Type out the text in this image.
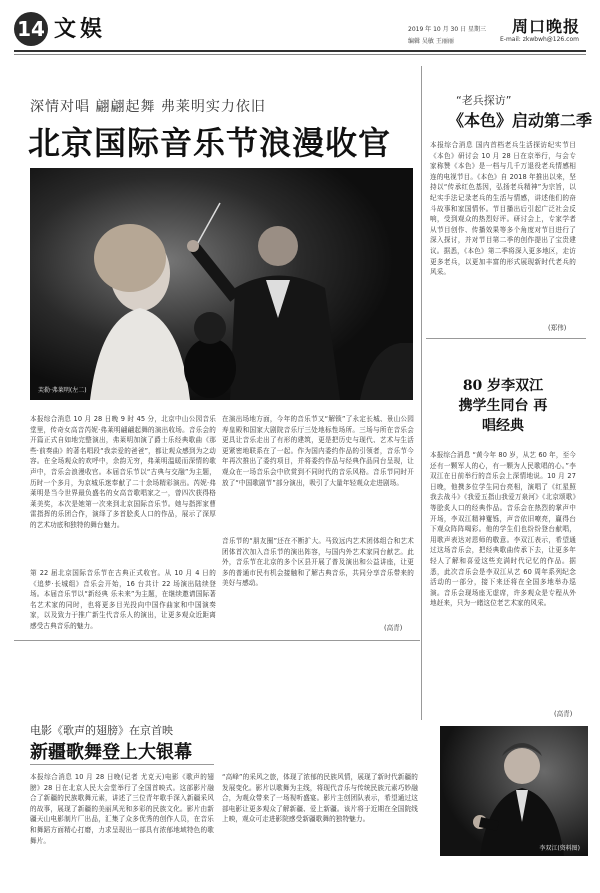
14 文娱	2019 年 10 月 30 日 星期三
编辑 吴敏 王丽丽
周口晚报
E-mail: zkwbwh@126.com
深情对唱 翩翩起舞 弗莱明实力依旧
北京国际音乐节浪漫收官
芙勒·弗莱明(左二)
本报综合消息 10 月 28 日晚 9 时 45 分，北京中山公园音乐堂里，传奇女高音芮妮·弗莱明翩翩起舞的演出收场。音乐会的开篇正式自如地完整演出，弗莱明加演了爵士乐经典歌曲《那些·前奏曲》的著名唱段“我亲爱的爸爸”，都让观众感到为之动容。在全场观众的欢呼中，余韵无穷，弗莱明温暖而深情的歌声中，音乐会浪漫收官。本届音乐节以“古典与交融”为主题，历时一个多月，为京城乐迷奉献了二十余场精彩演出。芮妮·弗莱明是当今世界最负盛名的女高音歌唱家之一，曾四次获得格莱美奖，本次是她第一次来到北京国际音乐节。她与指挥家曹雷指挥的乐团合作，演绎了多首脍炙人口的作品，展示了深厚的艺术功底和独特的舞台魅力。
第 22 届北京国际音乐节在古典正式收官。从 10 月 4 日的《追梦·长城组》音乐会开始，16 台共计 22 场演出陆续登场。本届音乐节以“新经典 乐未来”为主题，在继续邀请国际著名艺术家的同时，也将更多目光投向中国作曲家和中国演奏家，以及致力于推广新生代音乐人的演出，让更多观众近距离感受古典音乐的魅力。
在演出场地方面，今年的音乐节又“解锁”了永定长城、景山公园寿皇殿和国家大剧院音乐厅三处地标性场所。三场与所在音乐会更具让音乐走出了有形的建筑，更是把历史与现代、艺术与生活更紧密地联系在了一起。作为国内委约作品的引领者，音乐节今年再次推出了委约项目，并将委约作品与经典作品同台呈现，让观众在一场音乐会中欣赏到不同时代的音乐风格。音乐节同时开放了“中国歌剧节”部分演出，吸引了大量年轻观众走进剧场。
音乐节的“朋友圈”还在不断扩大。马致远内艺术团体组合和艺术团体首次加入音乐节的演出阵容，与国内外艺术家同台献艺。此外，音乐节在北京的多个区县开展了普及演出和公益讲座，让更多的普通市民有机会接触和了解古典音乐，共同分享音乐带来的美好与感动。
(高青)
“老兵探访”
《本色》启动第二季
本报综合消息 国内首档老兵生活探访纪实节目《本色》研讨会 10 月 28 日在京举行，与会专家称赞《本色》是一档与几千万退役老兵情感相连的电视节目。《本色》自 2018 年推出以来，坚持以“传承红色基因，弘扬老兵精神”为宗旨，以纪实手法记录老兵的生活与情感，讲述他们的奋斗故事和家国情怀。节目播出后引起广泛社会反响，受到观众的热烈好评。研讨会上，专家学者从节目创作、传播效果等多个角度对节目进行了深入探讨，并对节目第二季的创作提出了宝贵建议。据悉，《本色》第二季将深入更多地区，走访更多老兵，以更加丰富的形式展现新时代老兵的风采。
(郑伟)
80 岁李双江 携学生同台 再唱经典
本报综合消息 “黄今年 80 岁，从艺 60 年，至今还有一颗军人的心，有一颗为人民歌唱的心。”李双江在日前举行的音乐会上深情地说。10 月 27 日晚，他携多位学生同台亮相，演唱了《红星照我去战斗》《我爱五指山我爱万泉河》《北京颂歌》等脍炙人口的经典作品。音乐会在热烈的掌声中开场，李双江精神矍铄，声音依旧嘹亮，赢得台下观众阵阵喝彩。他的学生们也纷纷登台献唱，用歌声表达对恩师的敬意。李双江表示，希望通过这场音乐会，把经典歌曲传承下去，让更多年轻人了解和喜爱这些充满时代记忆的作品。据悉，此次音乐会是李双江从艺 60 周年系列纪念活动的一部分，接下来还将在全国多地举办巡演。音乐会现场座无虚席，许多观众是专程从外地赶来，只为一睹这位老艺术家的风采。
(高青)
李双江(资料图)
电影《歌声的翅膀》在京首映
新疆歌舞登上大银幕
本报综合消息 10 月 28 日晚(记者 尤克天)电影《歌声的翅膀》28 日在北京人民大会堂举行了全国首映式。这部影片融合了新疆的民族歌舞元素，讲述了三位青年歌手深入新疆采风的故事，展现了新疆的美丽风光和多彩的民族文化。影片由新疆天山电影制片厂出品，汇集了众多优秀的创作人员，在音乐和舞蹈方面精心打磨，力求呈现出一部具有浓郁地域特色的歌舞片。
“高峰”的采风之旅，体现了浓郁的民族风情，展现了新时代新疆的发展变化。影片以歌舞为主线，将现代音乐与传统民族元素巧妙融合，为观众带来了一场视听盛宴。影片主创团队表示，希望通过这部电影让更多观众了解新疆、爱上新疆。该片将于近期在全国院线上映，观众可走进影院感受新疆歌舞的独特魅力。
